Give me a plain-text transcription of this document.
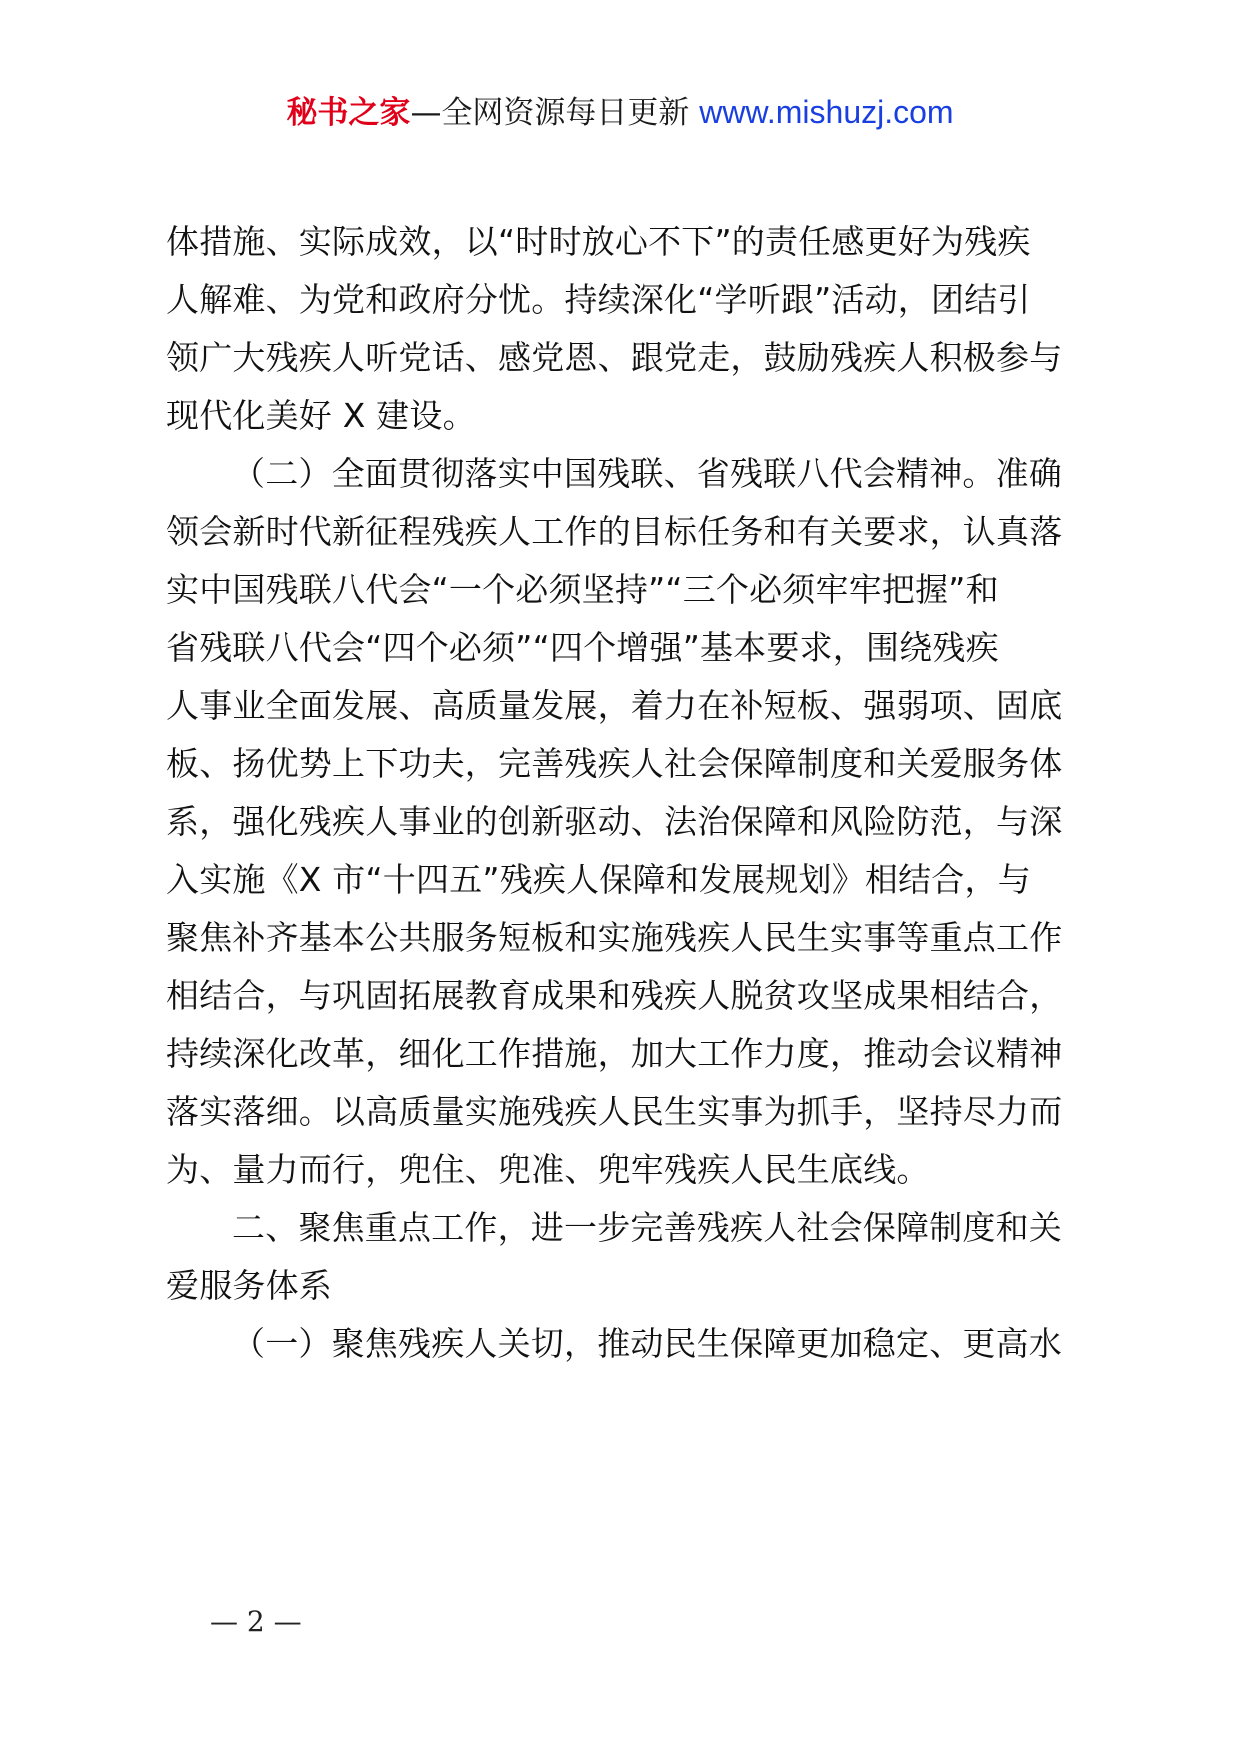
秘书之家—全网资源每日更新 www.mishuzj.com
体措施、实际成效，以“时时放心不下”的责任感更好为残疾
人解难、为党和政府分忧。持续深化“学听跟”活动，团结引
领广大残疾人听党话、感党恩、跟党走，鼓励残疾人积极参与
现代化美好 X 建设。
（二）全面贯彻落实中国残联、省残联八代会精神。准确
领会新时代新征程残疾人工作的目标任务和有关要求，认真落
实中国残联八代会“一个必须坚持”“三个必须牢牢把握”和
省残联八代会“四个必须”“四个增强”基本要求，围绕残疾
人事业全面发展、高质量发展，着力在补短板、强弱项、固底
板、扬优势上下功夫，完善残疾人社会保障制度和关爱服务体
系，强化残疾人事业的创新驱动、法治保障和风险防范，与深
入实施《X 市“十四五”残疾人保障和发展规划》相结合，与
聚焦补齐基本公共服务短板和实施残疾人民生实事等重点工作
相结合，与巩固拓展教育成果和残疾人脱贫攻坚成果相结合，
持续深化改革，细化工作措施，加大工作力度，推动会议精神
落实落细。以高质量实施残疾人民生实事为抓手，坚持尽力而
为、量力而行，兜住、兜准、兜牢残疾人民生底线。
二、聚焦重点工作，进一步完善残疾人社会保障制度和关
爱服务体系
（一）聚焦残疾人关切，推动民生保障更加稳定、更高水
— 2 —
